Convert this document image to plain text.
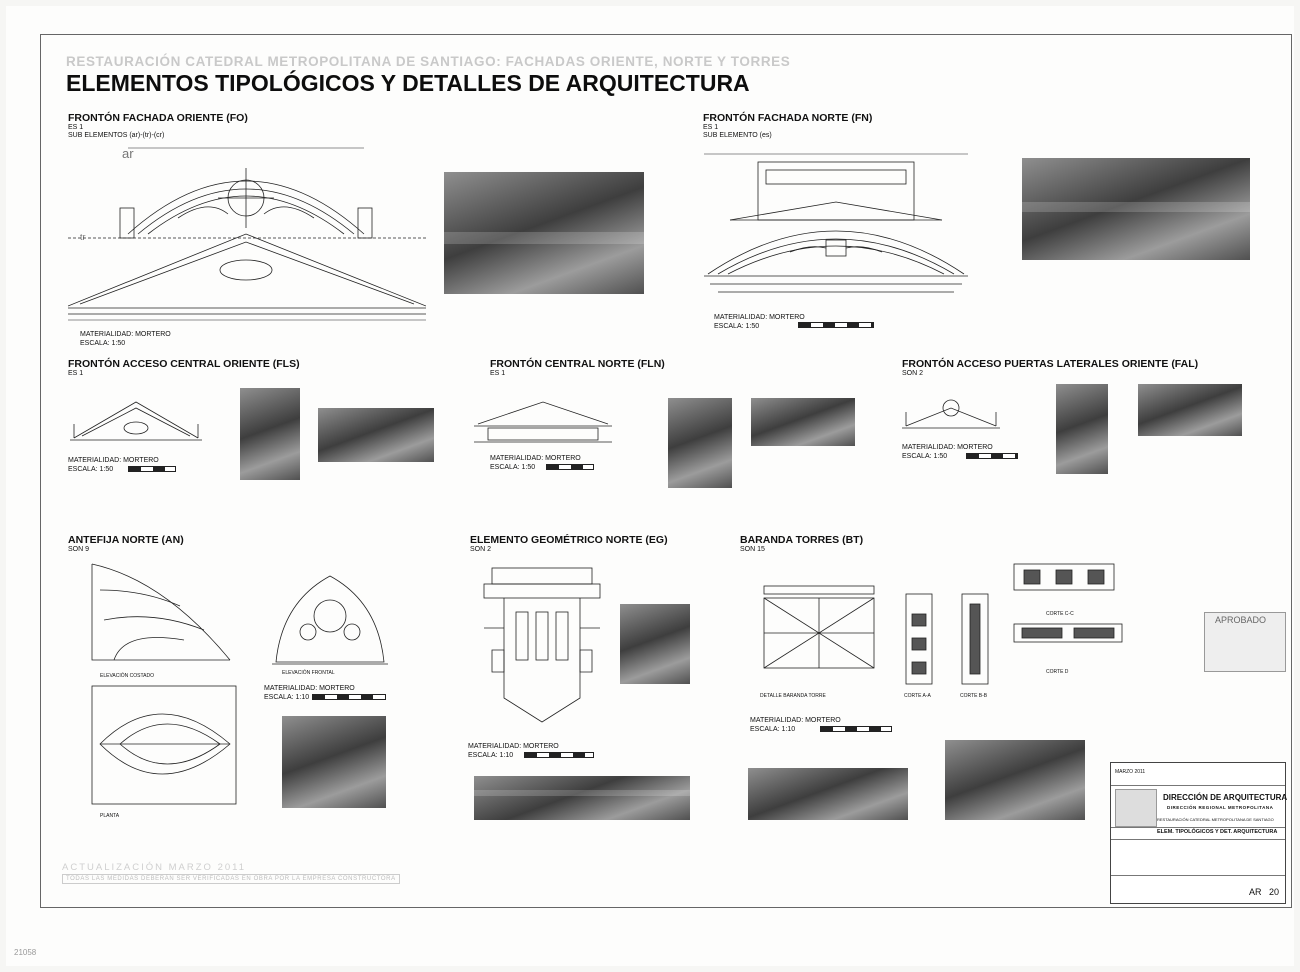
RESTAURACIÓN CATEDRAL METROPOLITANA DE SANTIAGO: FACHADAS ORIENTE, NORTE Y TORRES
ELEMENTOS TIPOLÓGICOS Y DETALLES DE ARQUITECTURA
FRONTÓN FACHADA ORIENTE (FO)
ES 1
SUB ELEMENTOS (ar)-(tr)-(cr)
ar
tr
MATERIALIDAD: MORTERO
ESCALA: 1:50
FRONTÓN FACHADA NORTE (FN)
ES 1
SUB ELEMENTO (es)
MATERIALIDAD: MORTERO
ESCALA: 1:50
FRONTÓN ACCESO CENTRAL ORIENTE (FLS)
ES 1
MATERIALIDAD: MORTERO
ESCALA: 1:50
FRONTÓN CENTRAL NORTE (FLN)
ES 1
MATERIALIDAD: MORTERO
ESCALA: 1:50
FRONTÓN ACCESO PUERTAS LATERALES ORIENTE (FAL)
SON 2
MATERIALIDAD: MORTERO
ESCALA: 1:50
ANTEFIJA NORTE (AN)
SON 9
ELEVACIÓN COSTADO	ELEVACIÓN FRONTAL
MATERIALIDAD: MORTERO
ESCALA: 1:10
PLANTA
ELEMENTO GEOMÉTRICO NORTE (EG)
SON 2
MATERIALIDAD: MORTERO
ESCALA: 1:10
BARANDA TORRES (BT)
SON 15
DETALLE BARANDA TORRE	CORTE A-A	CORTE B-B
CORTE C-C
CORTE D
MATERIALIDAD: MORTERO
ESCALA: 1:10
APROBADO
MARZO 2011
DIRECCIÓN DE ARQUITECTURA
DIRECCIÓN REGIONAL METROPOLITANA
RESTAURACIÓN CATEDRAL METROPOLITANA DE SANTIAGO
ELEM. TIPOLÓGICOS Y DET. ARQUITECTURA
AR 20
ACTUALIZACIÓN MARZO 2011
TODAS LAS MEDIDAS DEBERÁN SER VERIFICADAS EN OBRA POR LA EMPRESA CONSTRUCTORA
21058
